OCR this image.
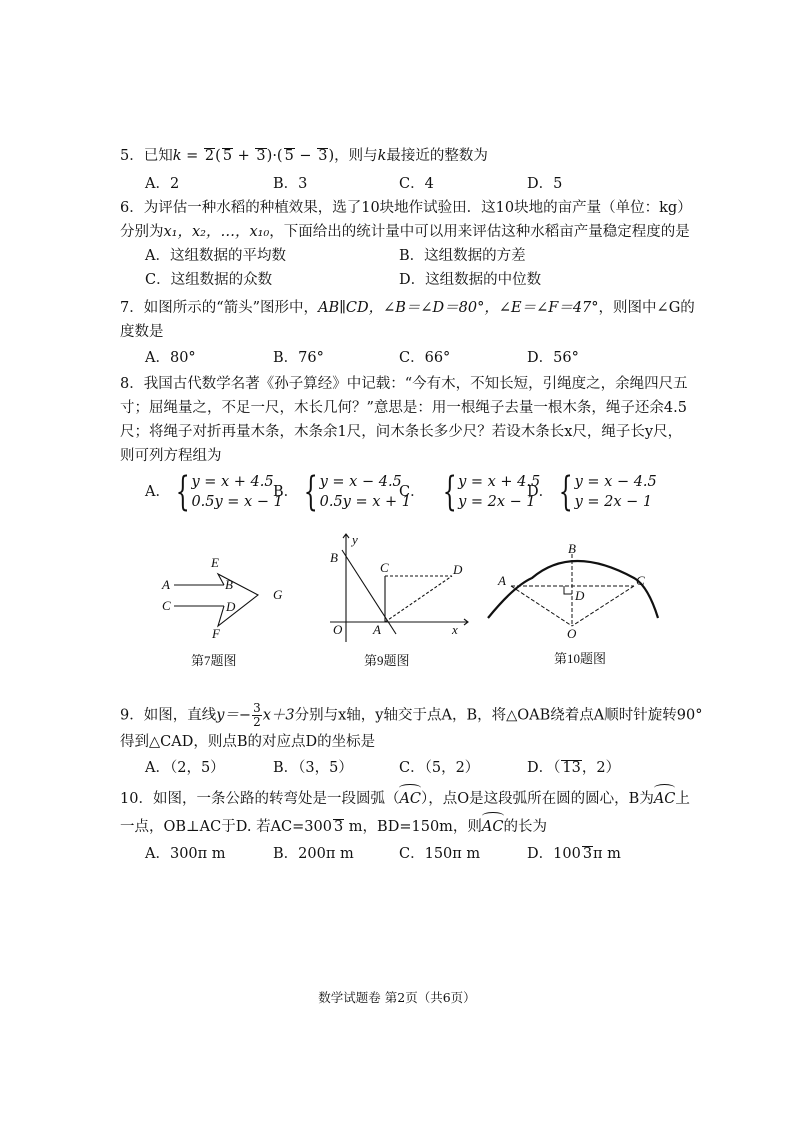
5．已知k = 2( 5 + 3)·( 5 − 3)，则与k最接近的整数为
A．2	B．3	C．4	D．5
6．为评估一种水稻的种植效果，选了10块地作试验田．这10块地的亩产量（单位：kg）
分别为x₁，x₂，…，x₁₀，下面给出的统计量中可以用来评估这种水稻亩产量稳定程度的是
A．这组数据的平均数	B．这组数据的方差
C．这组数据的众数	D．这组数据的中位数
7．如图所示的“箭头”图形中，AB∥CD，∠B＝∠D＝80°，∠E＝∠F＝47°，则图中∠G的
度数是
A．80°	B．76°	C．66°	D．56°
8．我国古代数学名著《孙子算经》中记载：“今有木，不知长短，引绳度之，余绳四尺五
寸；屈绳量之，不足一尺，木长几何？”意思是：用一根绳子去量一根木条，绳子还余4.5
尺；将绳子对折再量木条，木条余1尺，问木条长多少尺？若设木条长x尺，绳子长y尺，
则可列方程组为
A． { y = x + 4.5
0.5y = x − 1
B． { y = x − 4.5
0.5y = x + 1
C． { y = x + 4.5
y = 2x − 1
D． { y = x − 4.5
y = 2x − 1
A
C
B
D
E
F
G
第7题图
B
y
C	D
O A	x
第9题图
B
A	C
D
O
第10题图
9．如图，直线$y=- \frac{3}{2} x+3$分别与x轴，y轴交于点A，B，将△OAB绕着点A顺时针旋转90°
得到△CAD，则点B的对应点D的坐标是
A．（2，5）	B．（3，5）	C．（5，2）	D．（ 13，2）
10．如图，一条公路的转弯处是一段圆弧（AC），点O是这段弧所在圆的圆心，B为AC上
一点，OB⊥AC于D. 若AC=300 3 m，BD=150m，则AC的长为
A．300π m	B．200π m	C．150π m	D．100 3π m
数学试题卷 第2页（共6页）
